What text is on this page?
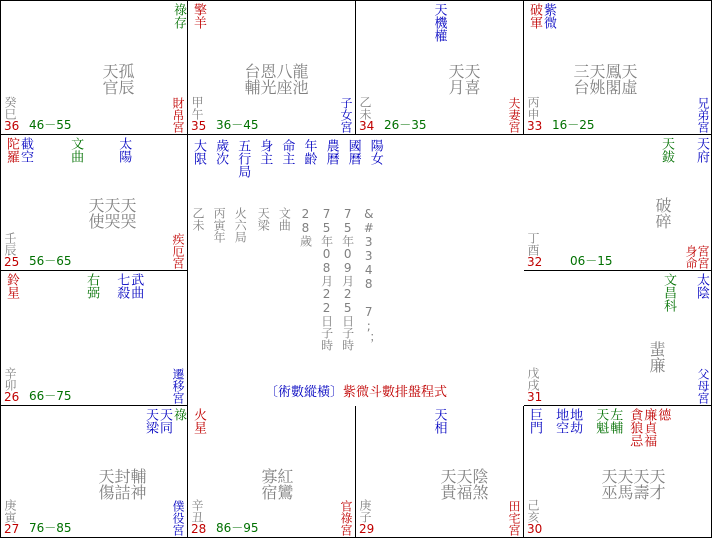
祿存
癸巳
天官孤辰
36 46－55	財帛宮
擎羊
甲午
台輔恩光八座龍池
35 36－45	子女宮
天機權
乙未
天月天喜
34 26－35	夫妻宮
破軍紫微
丙申
三台天姚鳳閣天虛
33 16－25	兄弟宮
陀羅截空	文曲	太陽
壬辰
天使天哭天哭
25 56－65	疾厄宮
天鈸 天府
丁酉
破碎
32 06－15	身命宮宮
鈴星	右弼 七殺武曲
辛卯
26 66－75	遷移宮
文昌科 太陰
戊戌
蜚廉
31	父母宮
天梁天同祿
庚寅
天傷封詰輔神
27 76－85	僕役宮
火星
辛丑
寡宿紅鸞
28 86－95	官祿宮
天相
庚子
天貴天福陰煞
29	田宅宮
巨門 地空地劫 天魁左輔 貪狼忌廉貞福德
己亥
天巫天馬天壽天才
30
大限 歲次 五行局 身主 命主 年齡 農曆 國曆 陽女
乙未 丙寅年 火六局 天梁 文曲 28歲 75年08月22日子時 75年09月25日子時 &#3348 7;；
〔術數縱橫〕紫微斗數排盤程式
